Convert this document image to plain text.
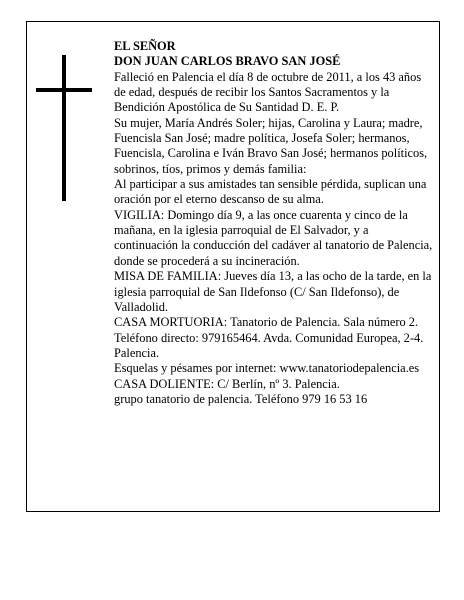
EL SEÑOR
DON JUAN CARLOS BRAVO SAN JOSÉ
Falleció en Palencia el día 8 de octubre de 2011, a los 43 años de edad, después de recibir los Santos Sacramentos y la Bendición Apostólica de Su Santidad D. E. P.
Su mujer, María Andrés Soler; hijas, Carolina y Laura; madre, Fuencisla San José; madre política, Josefa Soler; hermanos, Fuencisla, Carolina e Iván Bravo San José; hermanos políticos, sobrinos, tíos, primos y demás familia:
Al participar a sus amistades tan sensible pérdida, suplican una oración por el eterno descanso de su alma.
VIGILIA: Domingo día 9, a las once cuarenta y cinco de la mañana, en la iglesia parroquial de El Salvador, y a continuación la conducción del cadáver al tanatorio de Palencia, donde se procederá a su incineración.
MISA DE FAMILIA: Jueves día 13, a las ocho de la tarde, en la iglesia parroquial de San Ildefonso (C/ San Ildefonso), de Valladolid.
CASA MORTUORIA: Tanatorio de Palencia. Sala número 2. Teléfono directo: 979165464. Avda. Comunidad Europea, 2-4. Palencia.
Esquelas y pésames por internet: www.tanatoriodepalencia.es
CASA DOLIENTE: C/ Berlín, nº 3. Palencia.
grupo tanatorio de palencia. Teléfono 979 16 53 16
